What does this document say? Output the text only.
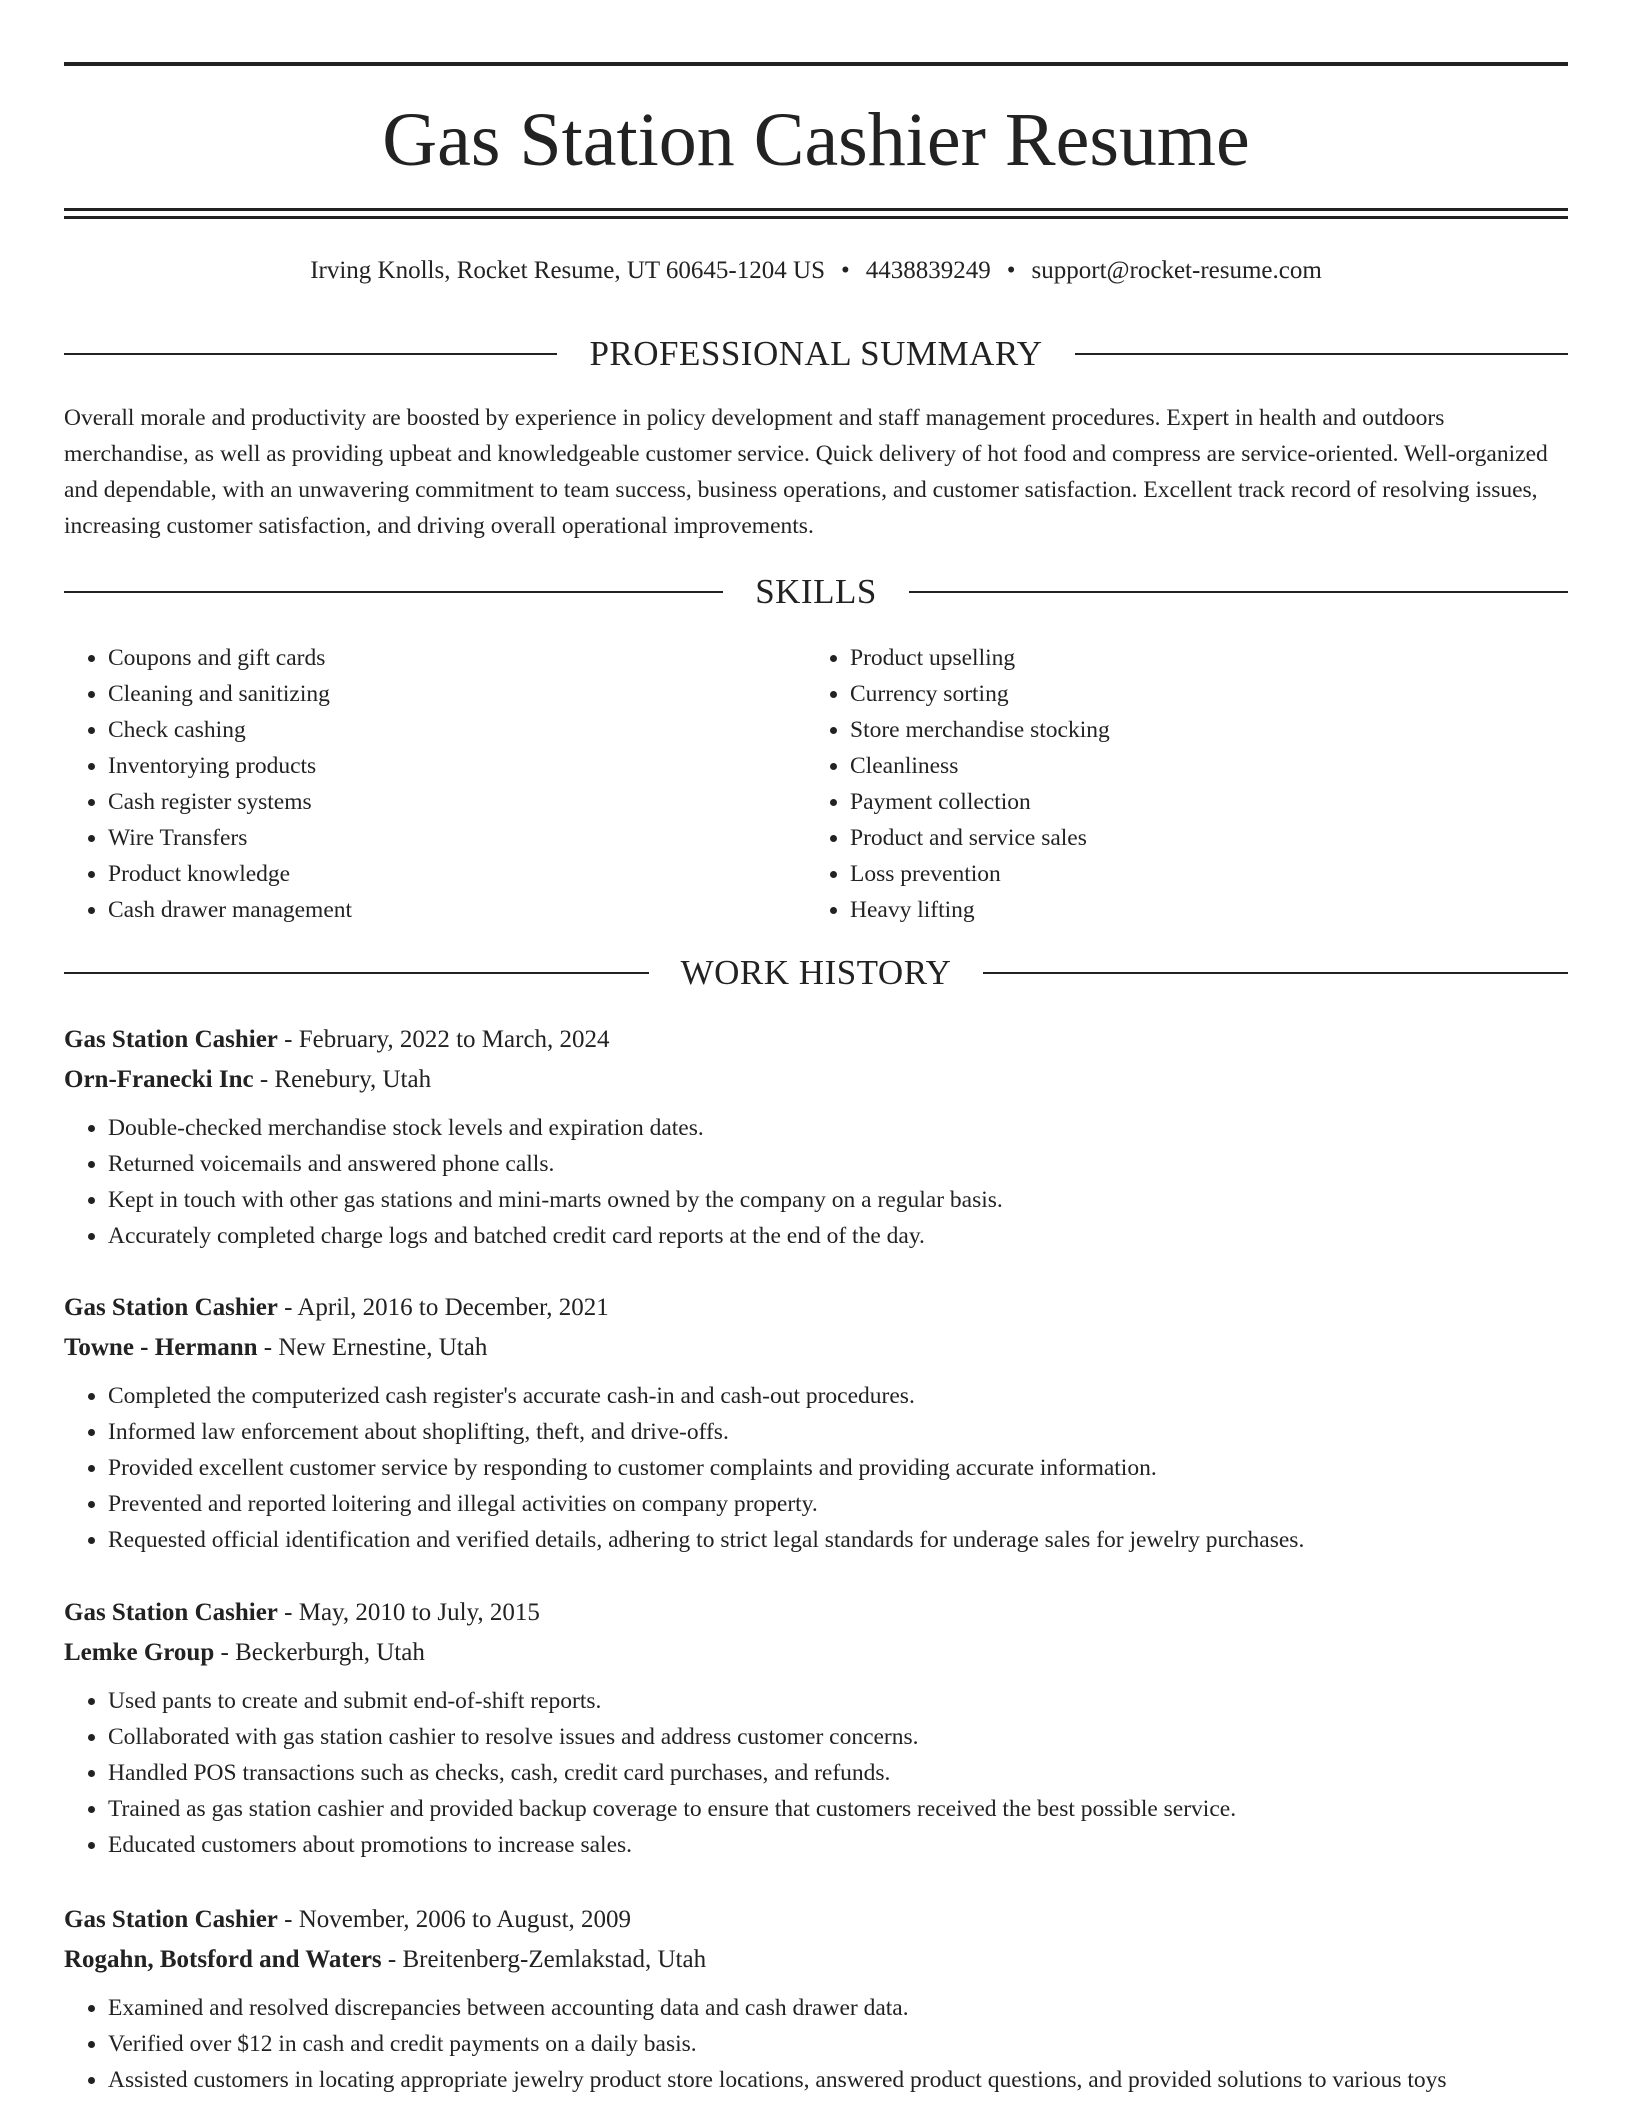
Gas Station Cashier Resume
Irving Knolls, Rocket Resume, UT 60645-1204 US • 4438839249 • support@rocket-resume.com
PROFESSIONAL SUMMARY

Overall morale and productivity are boosted by experience in policy development and staff management procedures. Expert in health and outdoors merchandise, as well as providing upbeat and knowledgeable customer service. Quick delivery of hot food and compress are service-oriented. Well-organized and dependable, with an unwavering commitment to team success, business operations, and customer satisfaction. Excellent track record of resolving issues, increasing customer satisfaction, and driving overall operational improvements.

SKILLS
• Coupons and gift cards
• Cleaning and sanitizing
• Check cashing
• Inventorying products
• Cash register systems
• Wire Transfers
• Product knowledge
• Cash drawer management
• Product upselling
• Currency sorting
• Store merchandise stocking
• Cleanliness
• Payment collection
• Product and service sales
• Loss prevention
• Heavy lifting
WORK HISTORY
Gas Station Cashier - February, 2022 to March, 2024
Orn-Franecki Inc - Renebury, Utah
• Double-checked merchandise stock levels and expiration dates.
• Returned voicemails and answered phone calls.
• Kept in touch with other gas stations and mini-marts owned by the company on a regular basis.
• Accurately completed charge logs and batched credit card reports at the end of the day.
Gas Station Cashier - April, 2016 to December, 2021
Towne - Hermann - New Ernestine, Utah
• Completed the computerized cash register's accurate cash-in and cash-out procedures.
• Informed law enforcement about shoplifting, theft, and drive-offs.
• Provided excellent customer service by responding to customer complaints and providing accurate information.
• Prevented and reported loitering and illegal activities on company property.
• Requested official identification and verified details, adhering to strict legal standards for underage sales for jewelry purchases.
Gas Station Cashier - May, 2010 to July, 2015
Lemke Group - Beckerburgh, Utah
• Used pants to create and submit end-of-shift reports.
• Collaborated with gas station cashier to resolve issues and address customer concerns.
• Handled POS transactions such as checks, cash, credit card purchases, and refunds.
• Trained as gas station cashier and provided backup coverage to ensure that customers received the best possible service.
• Educated customers about promotions to increase sales.
Gas Station Cashier - November, 2006 to August, 2009
Rogahn, Botsford and Waters - Breitenberg-Zemlakstad, Utah
• Examined and resolved discrepancies between accounting data and cash drawer data.
• Verified over $12 in cash and credit payments on a daily basis.
• Assisted customers in locating appropriate jewelry product store locations, answered product questions, and provided solutions to various toys
